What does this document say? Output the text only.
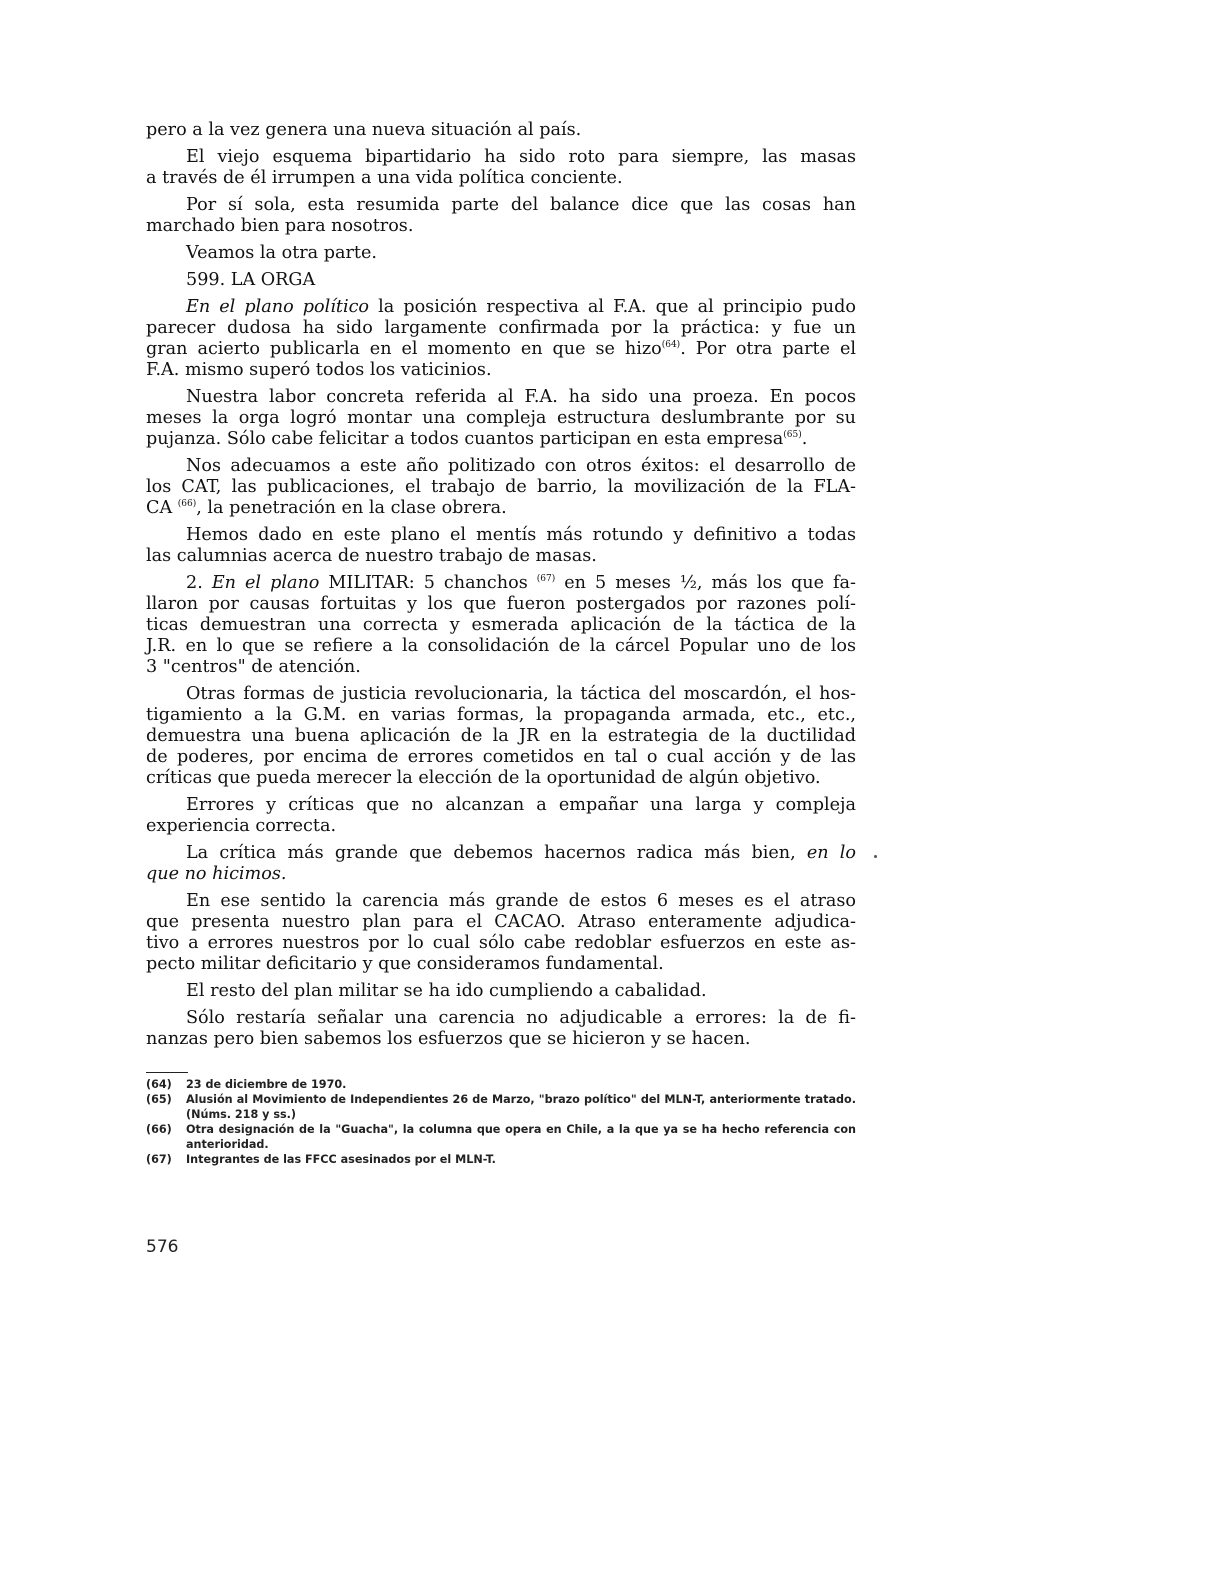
pero a la vez genera una nueva situación al país.
El viejo esquema bipartidario ha sido roto para siempre, las masas
a través de él irrumpen a una vida política conciente.
Por sí sola, esta resumida parte del balance dice que las cosas han
marchado bien para nosotros.
Veamos la otra parte.
599. LA ORGA
En el plano político la posición respectiva al F.A. que al principio pudo
parecer dudosa ha sido largamente confirmada por la práctica: y fue un
gran acierto publicarla en el momento en que se hizo$^{(64)}$. Por otra parte el
F.A. mismo superó todos los vaticinios.
Nuestra labor concreta referida al F.A. ha sido una proeza. En pocos
meses la orga logró montar una compleja estructura deslumbrante por su
pujanza. Sólo cabe felicitar a todos cuantos participan en esta empresa$^{(65)}$.
Nos adecuamos a este año politizado con otros éxitos: el desarrollo de
los CAT, las publicaciones, el trabajo de barrio, la movilización de la FLA-
CA $^{(66)}$, la penetración en la clase obrera.
Hemos dado en este plano el mentís más rotundo y definitivo a todas
las calumnias acerca de nuestro trabajo de masas.
2. En el plano MILITAR: 5 chanchos $^{(67)}$ en 5 meses ½, más los que fa-
llaron por causas fortuitas y los que fueron postergados por razones polí-
ticas demuestran una correcta y esmerada aplicación de la táctica de la
J.R. en lo que se refiere a la consolidación de la cárcel Popular uno de los
3 "centros" de atención.
Otras formas de justicia revolucionaria, la táctica del moscardón, el hos-
tigamiento a la G.M. en varias formas, la propaganda armada, etc., etc.,
demuestra una buena aplicación de la JR en la estrategia de la ductilidad
de poderes, por encima de errores cometidos en tal o cual acción y de las
críticas que pueda merecer la elección de la oportunidad de algún objetivo.
Errores y críticas que no alcanzan a empañar una larga y compleja
experiencia correcta.
La crítica más grande que debemos hacernos radica más bien, en lo
que no hicimos.
En ese sentido la carencia más grande de estos 6 meses es el atraso
que presenta nuestro plan para el CACAO. Atraso enteramente adjudica-
tivo a errores nuestros por lo cual sólo cabe redoblar esfuerzos en este as-
pecto militar deficitario y que consideramos fundamental.
El resto del plan militar se ha ido cumpliendo a cabalidad.
Sólo restaría señalar una carencia no adjudicable a errores: la de fi-
nanzas pero bien sabemos los esfuerzos que se hicieron y se hacen.
(64)	23 de diciembre de 1970.
(65)	Alusión al Movimiento de Independientes 26 de Marzo, "brazo político" del MLN-T, anteriormente tratado. (Núms. 218 y ss.)
(66)	Otra designación de la "Guacha", la columna que opera en Chile, a la que ya se ha hecho referencia con anterioridad.
(67)	Integrantes de las FFCC asesinados por el MLN-T.
576
